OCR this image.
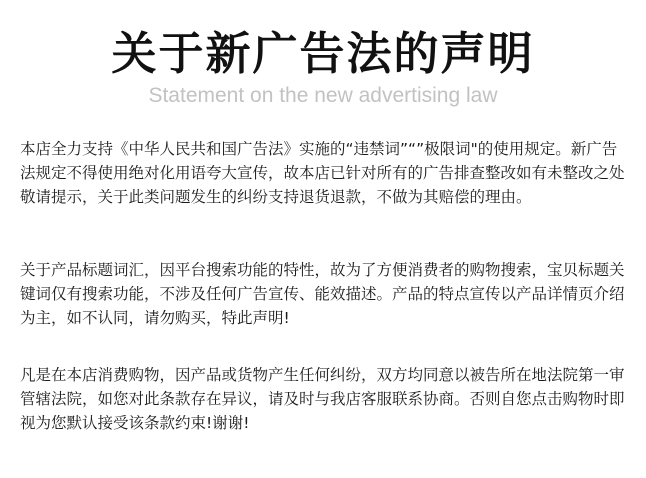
关于新广告法的声明

Statement on the new advertising law

本店全力支持《中华人民共和国广告法》实施的“违禁词”“”极限词"的使用规定。新广告法规定不得使用绝对化用语夸大宣传，故本店已针对所有的广告排查整改如有未整改之处敬请提示，关于此类问题发生的纠纷支持退货退款，不做为其赔偿的理由。

关于产品标题词汇，因平台搜索功能的特性，故为了方便消费者的购物搜索，宝贝标题关键词仅有搜索功能，不涉及任何广告宣传、能效描述。产品的特点宣传以产品详情页介绍为主，如不认同，请勿购买，特此声明!

凡是在本店消费购物，因产品或货物产生任何纠纷，双方均同意以被告所在地法院第一审管辖法院，如您对此条款存在异议，请及时与我店客服联系协商。否则自您点击购物时即视为您默认接受该条款约束!谢谢!
